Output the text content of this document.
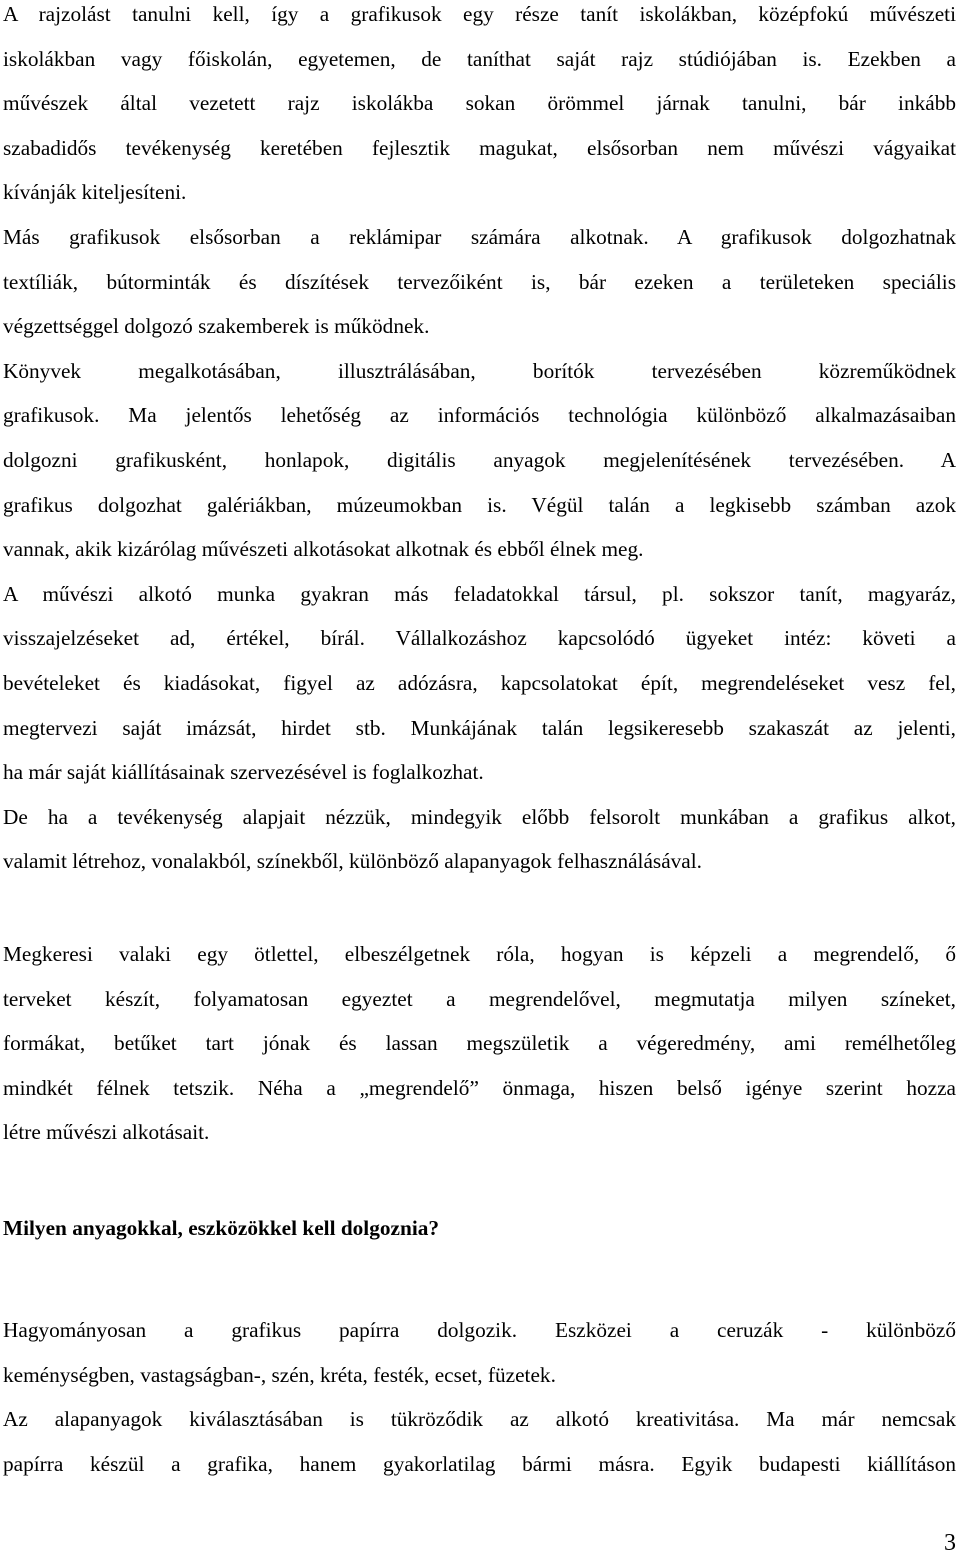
A rajzolást tanulni kell, így a grafikusok egy része tanít iskolákban, középfokú művészeti
iskolákban vagy főiskolán, egyetemen, de taníthat saját rajz stúdiójában is. Ezekben a
művészek által vezetett rajz iskolákba sokan örömmel járnak tanulni, bár inkább
szabadidős tevékenység keretében fejlesztik magukat, elsősorban nem művészi vágyaikat
kívánják kiteljesíteni.
Más grafikusok elsősorban a reklámipar számára alkotnak. A grafikusok dolgozhatnak
textíliák, bútorminták és díszítések tervezőiként is, bár ezeken a területeken speciális
végzettséggel dolgozó szakemberek is működnek.
Könyvek megalkotásában, illusztrálásában, borítók tervezésében közreműködnek
grafikusok. Ma jelentős lehetőség az információs technológia különböző alkalmazásaiban
dolgozni grafikusként, honlapok, digitális anyagok megjelenítésének tervezésében. A
grafikus dolgozhat galériákban, múzeumokban is. Végül talán a legkisebb számban azok
vannak, akik kizárólag művészeti alkotásokat alkotnak és ebből élnek meg.
A művészi alkotó munka gyakran más feladatokkal társul, pl. sokszor tanít, magyaráz,
visszajelzéseket ad, értékel, bírál. Vállalkozáshoz kapcsolódó ügyeket intéz: követi a
bevételeket és kiadásokat, figyel az adózásra, kapcsolatokat épít, megrendeléseket vesz fel,
megtervezi saját imázsát, hirdet stb. Munkájának talán legsikeresebb szakaszát az jelenti,
ha már saját kiállításainak szervezésével is foglalkozhat.
De ha a tevékenység alapjait nézzük, mindegyik előbb felsorolt munkában a grafikus alkot,
valamit létrehoz, vonalakból, színekből, különböző alapanyagok felhasználásával.
Megkeresi valaki egy ötlettel, elbeszélgetnek róla, hogyan is képzeli a megrendelő, ő
terveket készít, folyamatosan egyeztet a megrendelővel, megmutatja milyen színeket,
formákat, betűket tart jónak és lassan megszületik a végeredmény, ami remélhetőleg
mindkét félnek tetszik. Néha a „megrendelő” önmaga, hiszen belső igénye szerint hozza
létre művészi alkotásait.
Milyen anyagokkal, eszközökkel kell dolgoznia?
Hagyományosan a grafikus papírra dolgozik. Eszközei a ceruzák - különböző
keménységben, vastagságban-, szén, kréta, festék, ecset, füzetek.
Az alapanyagok kiválasztásában is tükröződik az alkotó kreativitása. Ma már nemcsak
papírra készül a grafika, hanem gyakorlatilag bármi másra. Egyik budapesti kiállításon
3
